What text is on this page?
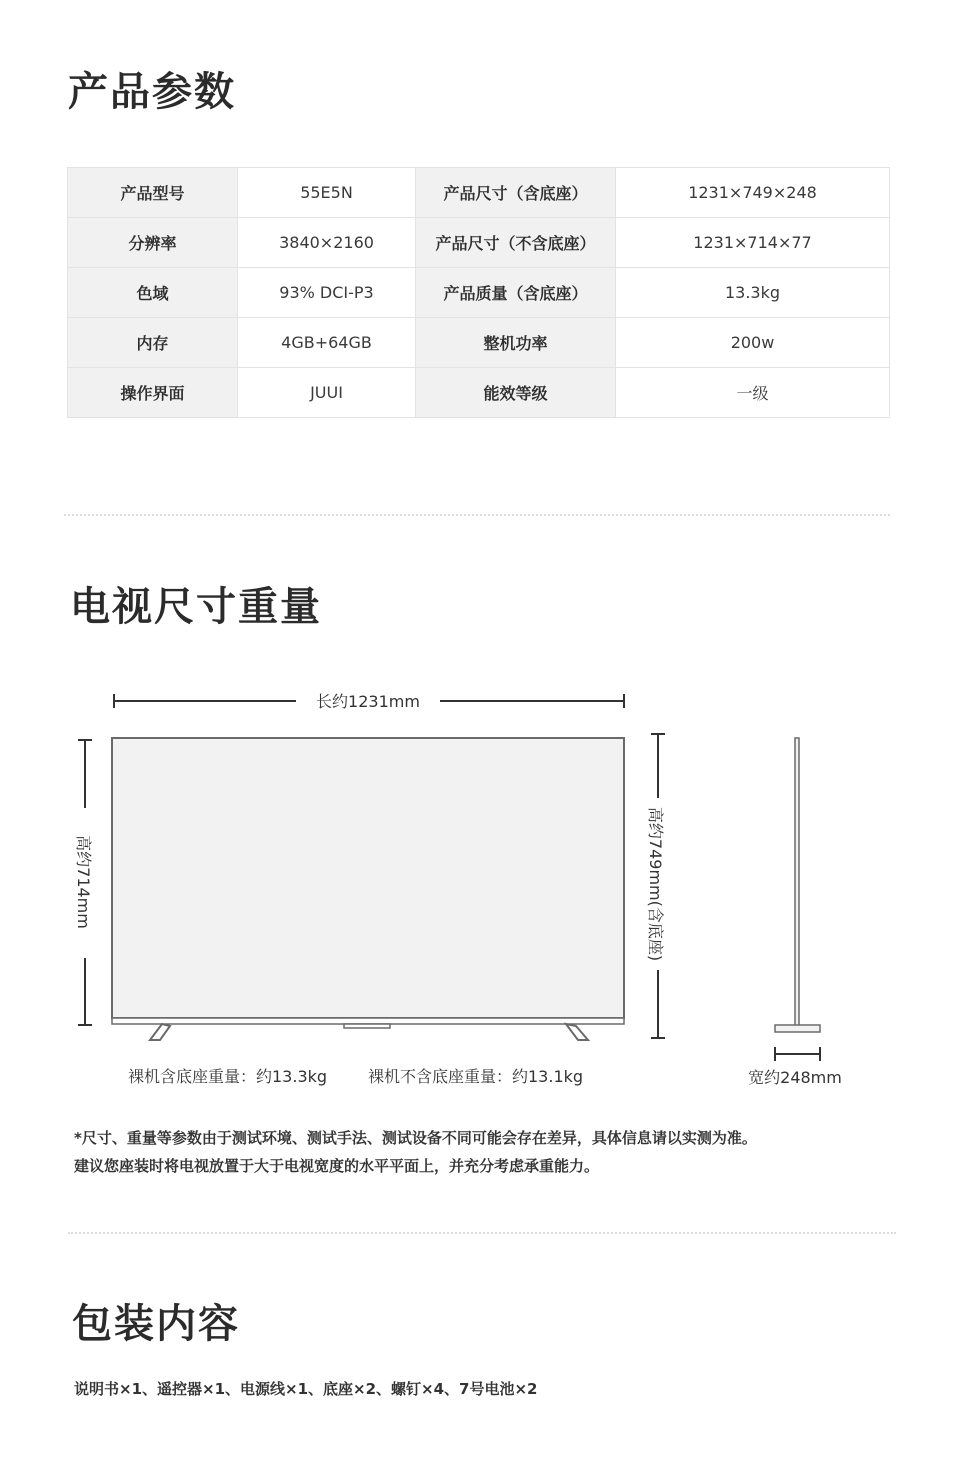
产品参数
产品型号	55E5N	产品尺寸（含底座）	1231×749×248
分辨率	3840×2160	产品尺寸（不含底座）	1231×714×77
色域	93% DCI-P3	产品质量（含底座）	13.3kg
内存	4GB+64GB	整机功率	200w
操作界面	JUUI	能效等级	一级
电视尺寸重量
长约1231mm
高约714mm	高约749mm(含底座)
宽约248mm
裸机含底座重量：约13.3kg	裸机不含底座重量：约13.1kg
*尺寸、重量等参数由于测试环境、测试手法、测试设备不同可能会存在差异，具体信息请以实测为准。
建议您座装时将电视放置于大于电视宽度的水平平面上，并充分考虑承重能力。
包装内容

说明书×1、遥控器×1、电源线×1、底座×2、螺钉×4、7号电池×2
